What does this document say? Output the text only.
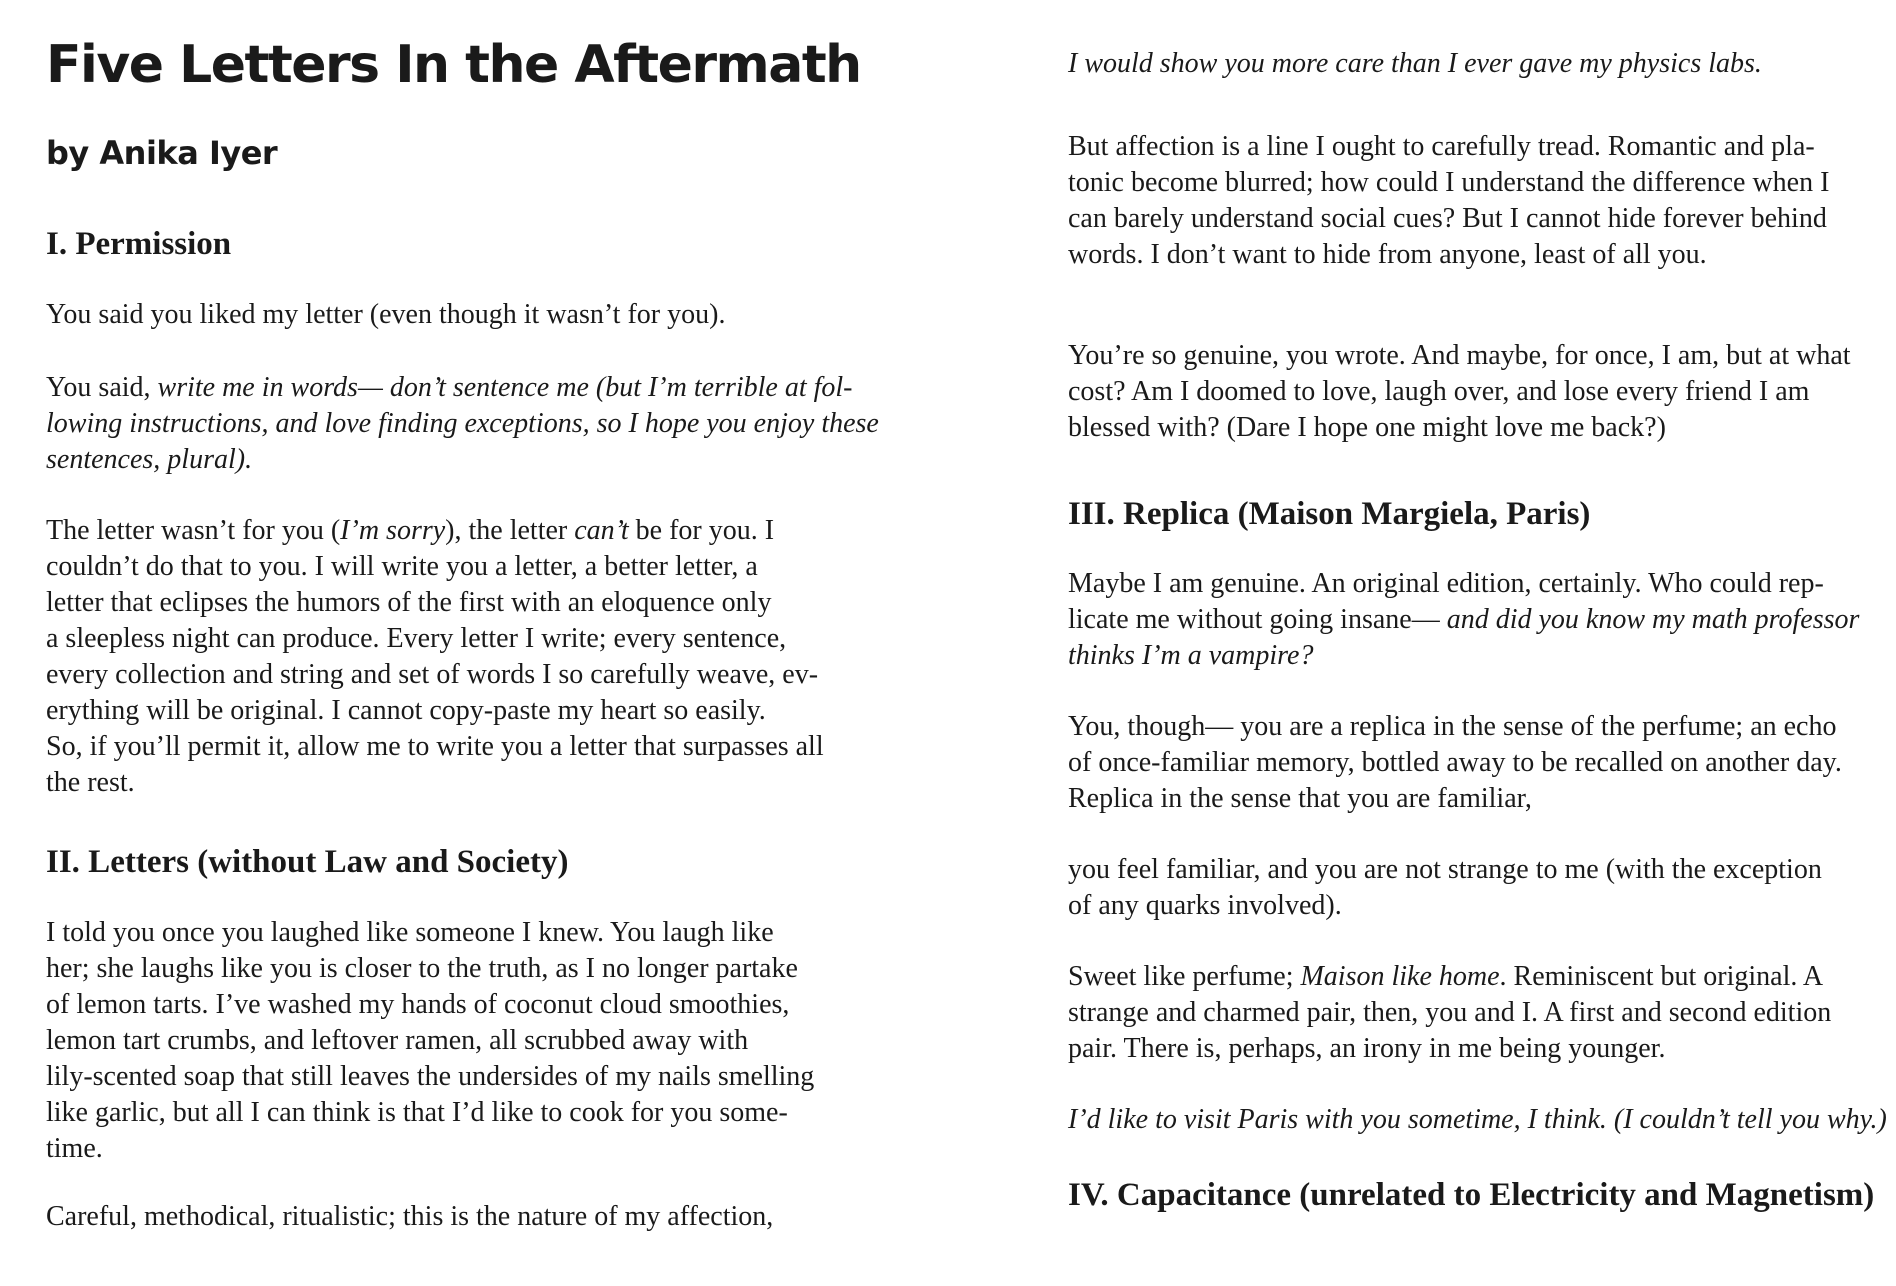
Five Letters In the Aftermath
by Anika Iyer
I. Permission

You said you liked my letter (even though it wasn’t for you).

You said, write me in words— don’t sentence me (but I’m terrible at fol-
lowing instructions, and love finding exceptions, so I hope you enjoy these
sentences, plural).

The letter wasn’t for you (I’m sorry), the letter can’t be for you. I
couldn’t do that to you. I will write you a letter, a better letter, a
letter that eclipses the humors of the first with an eloquence only
a sleepless night can produce. Every letter I write; every sentence,
every collection and string and set of words I so carefully weave, ev-
erything will be original. I cannot copy-paste my heart so easily.
So, if you’ll permit it, allow me to write you a letter that surpasses all
the rest.

II. Letters (without Law and Society)

I told you once you laughed like someone I knew. You laugh like
her; she laughs like you is closer to the truth, as I no longer partake
of lemon tarts. I’ve washed my hands of coconut cloud smoothies,
lemon tart crumbs, and leftover ramen, all scrubbed away with
lily-scented soap that still leaves the undersides of my nails smelling
like garlic, but all I can think is that I’d like to cook for you some-
time.

Careful, methodical, ritualistic; this is the nature of my affection,

I would show you more care than I ever gave my physics labs.

But affection is a line I ought to carefully tread. Romantic and pla-
tonic become blurred; how could I understand the difference when I
can barely understand social cues? But I cannot hide forever behind
words. I don’t want to hide from anyone, least of all you.

You’re so genuine, you wrote. And maybe, for once, I am, but at what
cost? Am I doomed to love, laugh over, and lose every friend I am
blessed with? (Dare I hope one might love me back?)

III. Replica (Maison Margiela, Paris)

Maybe I am genuine. An original edition, certainly. Who could rep-
licate me without going insane— and did you know my math professor
thinks I’m a vampire?

You, though— you are a replica in the sense of the perfume; an echo
of once-familiar memory, bottled away to be recalled on another day.
Replica in the sense that you are familiar,

you feel familiar, and you are not strange to me (with the exception
of any quarks involved).

Sweet like perfume; Maison like home. Reminiscent but original. A
strange and charmed pair, then, you and I. A first and second edition
pair. There is, perhaps, an irony in me being younger.

I’d like to visit Paris with you sometime, I think. (I couldn’t tell you why.)

IV. Capacitance (unrelated to Electricity and Magnetism)
